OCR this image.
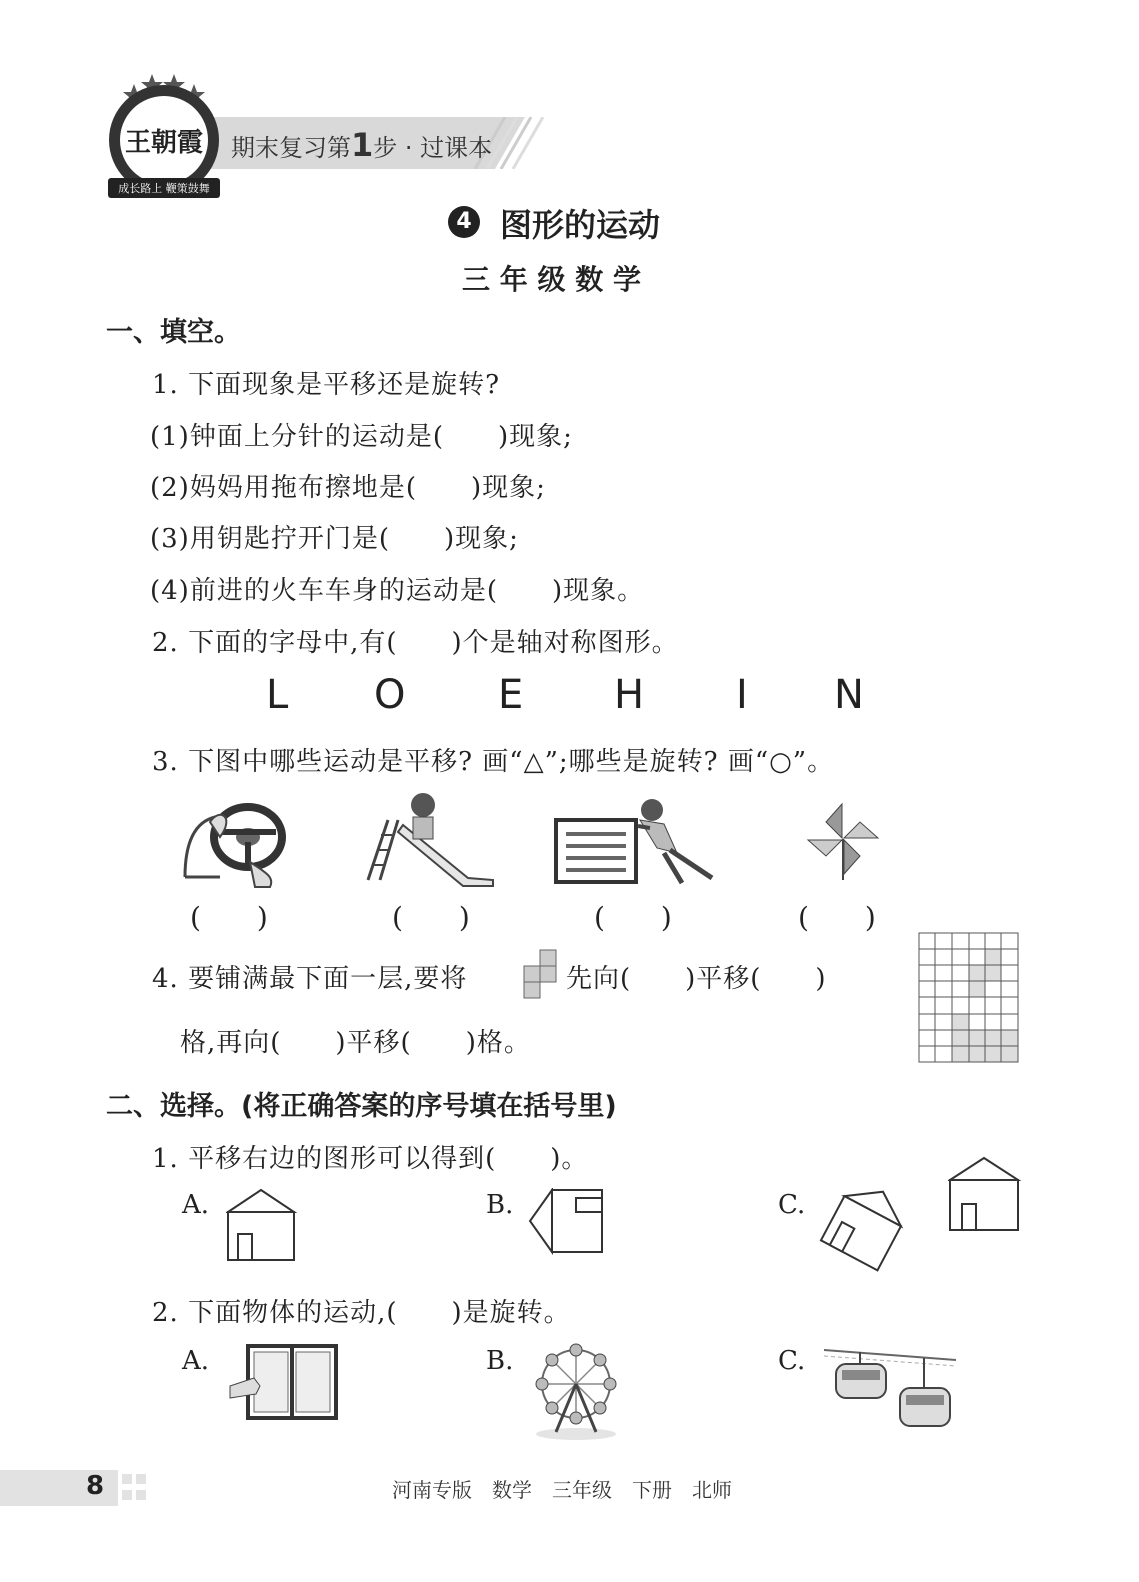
期末复习第1步 · 过课本
王朝霞
成长路上 鞭策鼓舞
4 图形的运动
三 年 级 数 学
一、填空。
1. 下面现象是平移还是旋转?
(1)钟面上分针的运动是(　　)现象;
(2)妈妈用拖布擦地是(　　)现象;
(3)用钥匙拧开门是(　　)现象;
(4)前进的火车车身的运动是(　　)现象。
2. 下面的字母中,有(　　)个是轴对称图形。
L O E H I N
3. 下图中哪些运动是平移? 画“△”;哪些是旋转? 画“○”。
(　　)	(　　)	(　　)	(　　)
4. 要铺满最下面一层,要将	先向(　　)平移(　　)
格,再向(　　)平移(　　)格。
二、选择。(将正确答案的序号填在括号里)
1. 平移右边的图形可以得到(　　)。
A.	B.	C.
2. 下面物体的运动,(　　)是旋转。
A.	B.	C.
8	河南专版　数学　三年级　下册　北师
